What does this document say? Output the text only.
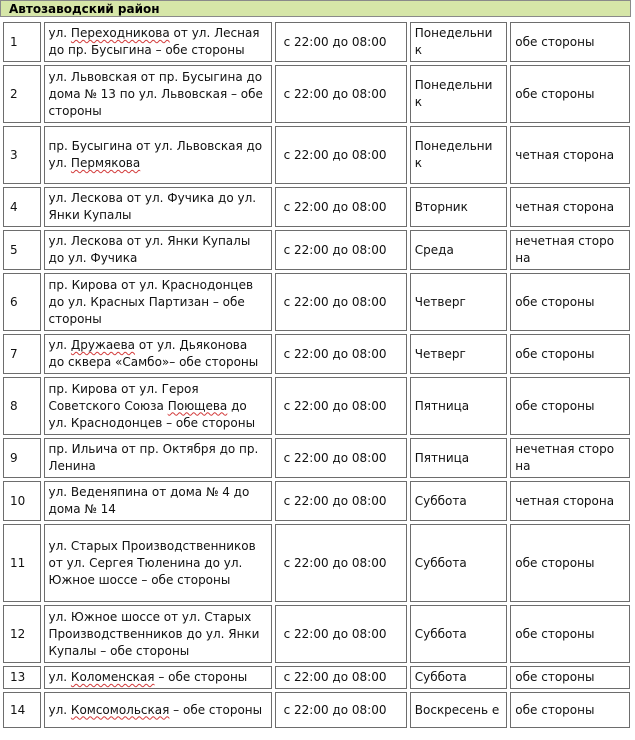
Автозаводский район
1	ул. Переходникова от ул. Лесная до пр. Бусыгина – обе стороны	с 22:00 до 08:00	Понедельни к	обе стороны
2	ул. Львовская от пр. Бусыгина до дома № 13 по ул. Львовская – обе стороны	с 22:00 до 08:00	Понедельни к	обе стороны
3	пр. Бусыгина от ул. Львовская до ул. Пермякова	с 22:00 до 08:00	Понедельни к	четная сторона
4	ул. Лескова от ул. Фучика до ул. Янки Купалы	с 22:00 до 08:00	Вторник	четная сторона
5	ул. Лескова от ул. Янки Купалы до ул. Фучика	с 22:00 до 08:00	Среда	нечетная сторо на
6	пр. Кирова от ул. Краснодонцев до ул. Красных Партизан – обе стороны	с 22:00 до 08:00	Четверг	обе стороны
7	ул. Дружаева от ул. Дьяконова до сквера «Самбо»– обе стороны	с 22:00 до 08:00	Четверг	обе стороны
8	пр. Кирова от ул. Героя Советского Союза Поющева до ул. Краснодонцев – обе стороны	с 22:00 до 08:00	Пятница	обе стороны
9	пр. Ильича от пр. Октября до пр. Ленина	с 22:00 до 08:00	Пятница	нечетная сторо на
10	ул. Веденяпина от дома № 4 до дома № 14	с 22:00 до 08:00	Суббота	четная сторона
11	ул. Старых Производственников от ул. Сергея Тюленина до ул. Южное шоссе – обе стороны	с 22:00 до 08:00	Суббота	обе стороны
12	ул. Южное шоссе от ул. Старых Производственников до ул. Янки Купалы – обе стороны	с 22:00 до 08:00	Суббота	обе стороны
13	ул. Коломенская – обе стороны	с 22:00 до 08:00	Суббота	обе стороны
14	ул. Комсомольская – обе стороны	с 22:00 до 08:00	Воскресень е	обе стороны
